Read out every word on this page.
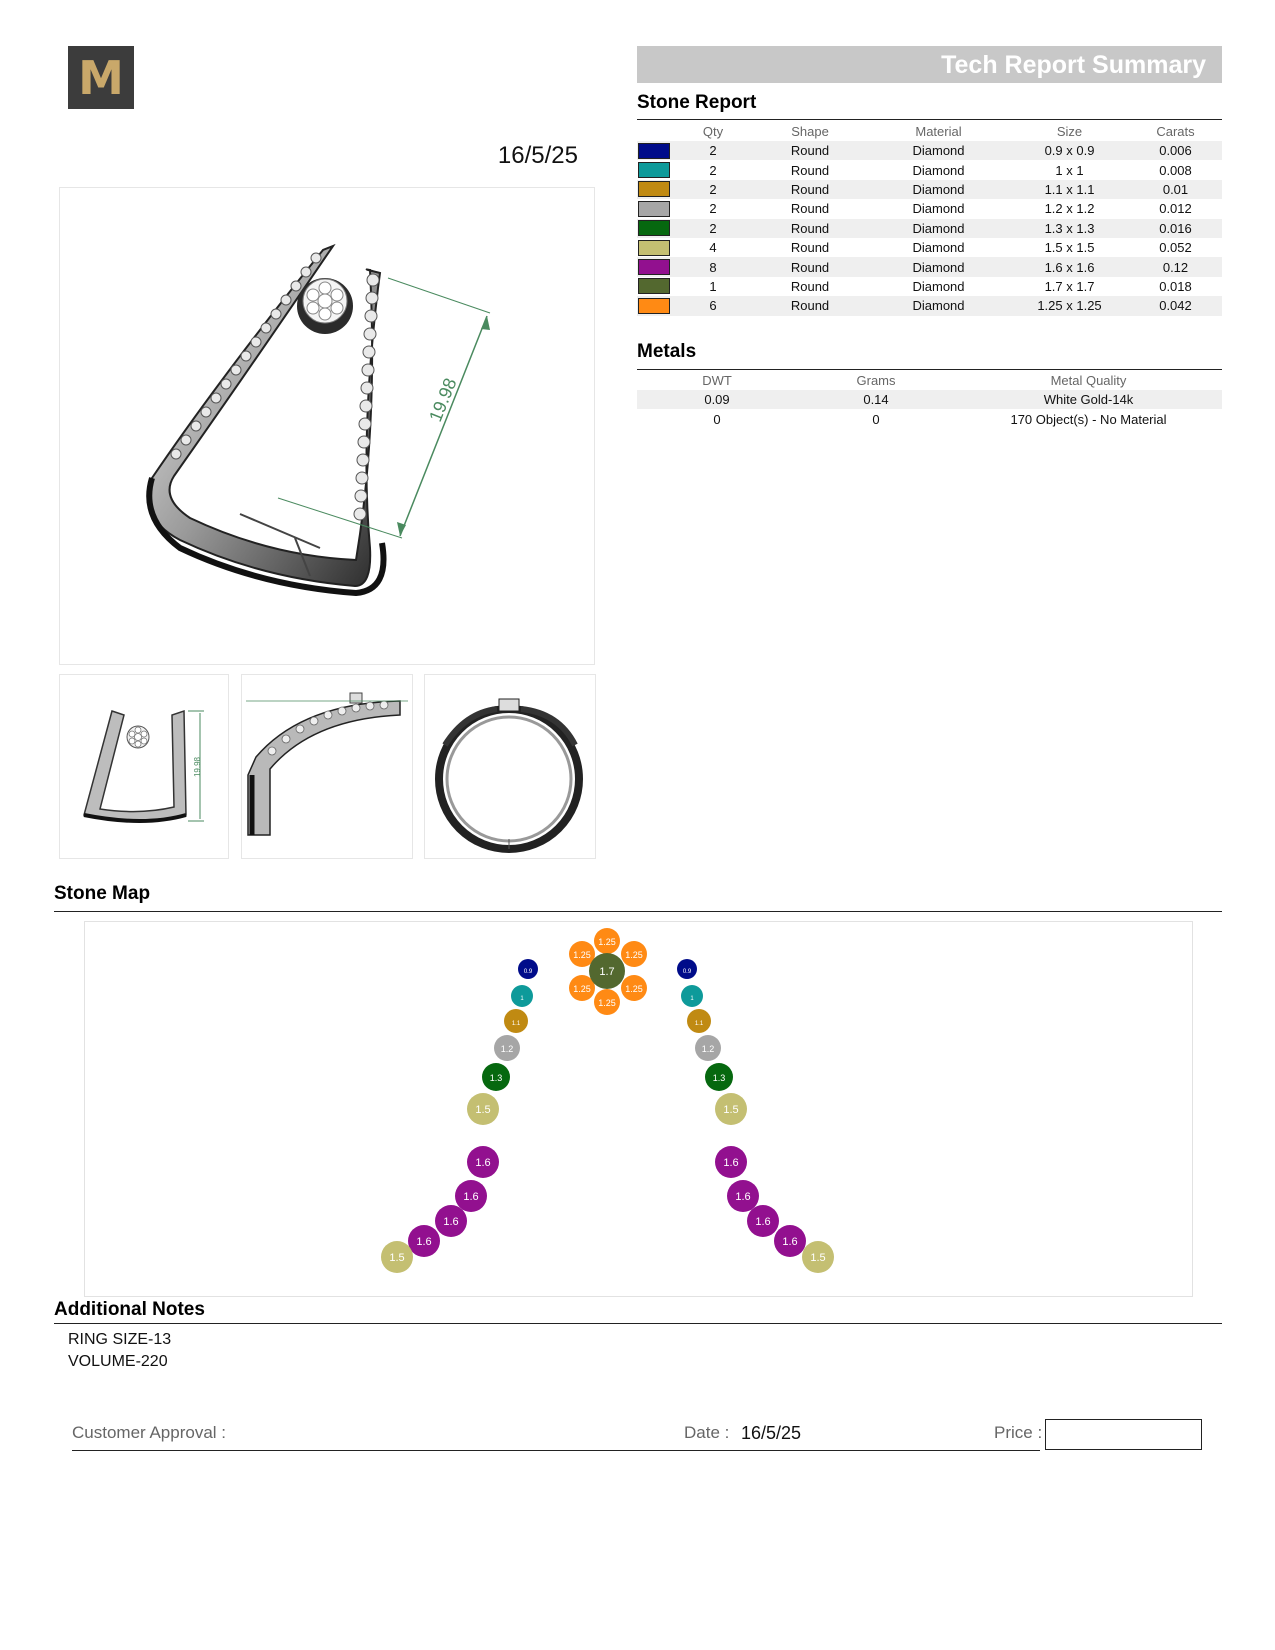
M
16/5/25
Tech Report Summary
Stone Report
	Qty	Shape	Material	Size	Carats

	2	Round	Diamond	0.9 x 0.9	0.006

	2	Round	Diamond	1 x 1	0.008

	2	Round	Diamond	1.1 x 1.1	0.01

	2	Round	Diamond	1.2 x 1.2	0.012

	2	Round	Diamond	1.3 x 1.3	0.016

	4	Round	Diamond	1.5 x 1.5	0.052

	8	Round	Diamond	1.6 x 1.6	0.12

	1	Round	Diamond	1.7 x 1.7	0.018

	6	Round	Diamond	1.25 x 1.25	0.042
Metals
DWT	Grams	Metal Quality
0.09	0.14	White Gold-14k
0	0	170 Object(s) - No Material
19.98
19.98
Stone Map
0.9
1
1.1
1.2
1.3
1.5
1.6
1.6
1.6
1.6
1.5
0.9
1
1.1
1.2
1.3
1.5
1.6
1.6
1.6
1.6
1.5
1.25
1.25	1.25
1.25	1.25
1.25
1.7
Additional Notes
RING SIZE-13
VOLUME-220
Customer Approval :	Date : 16/5/25	Price :
